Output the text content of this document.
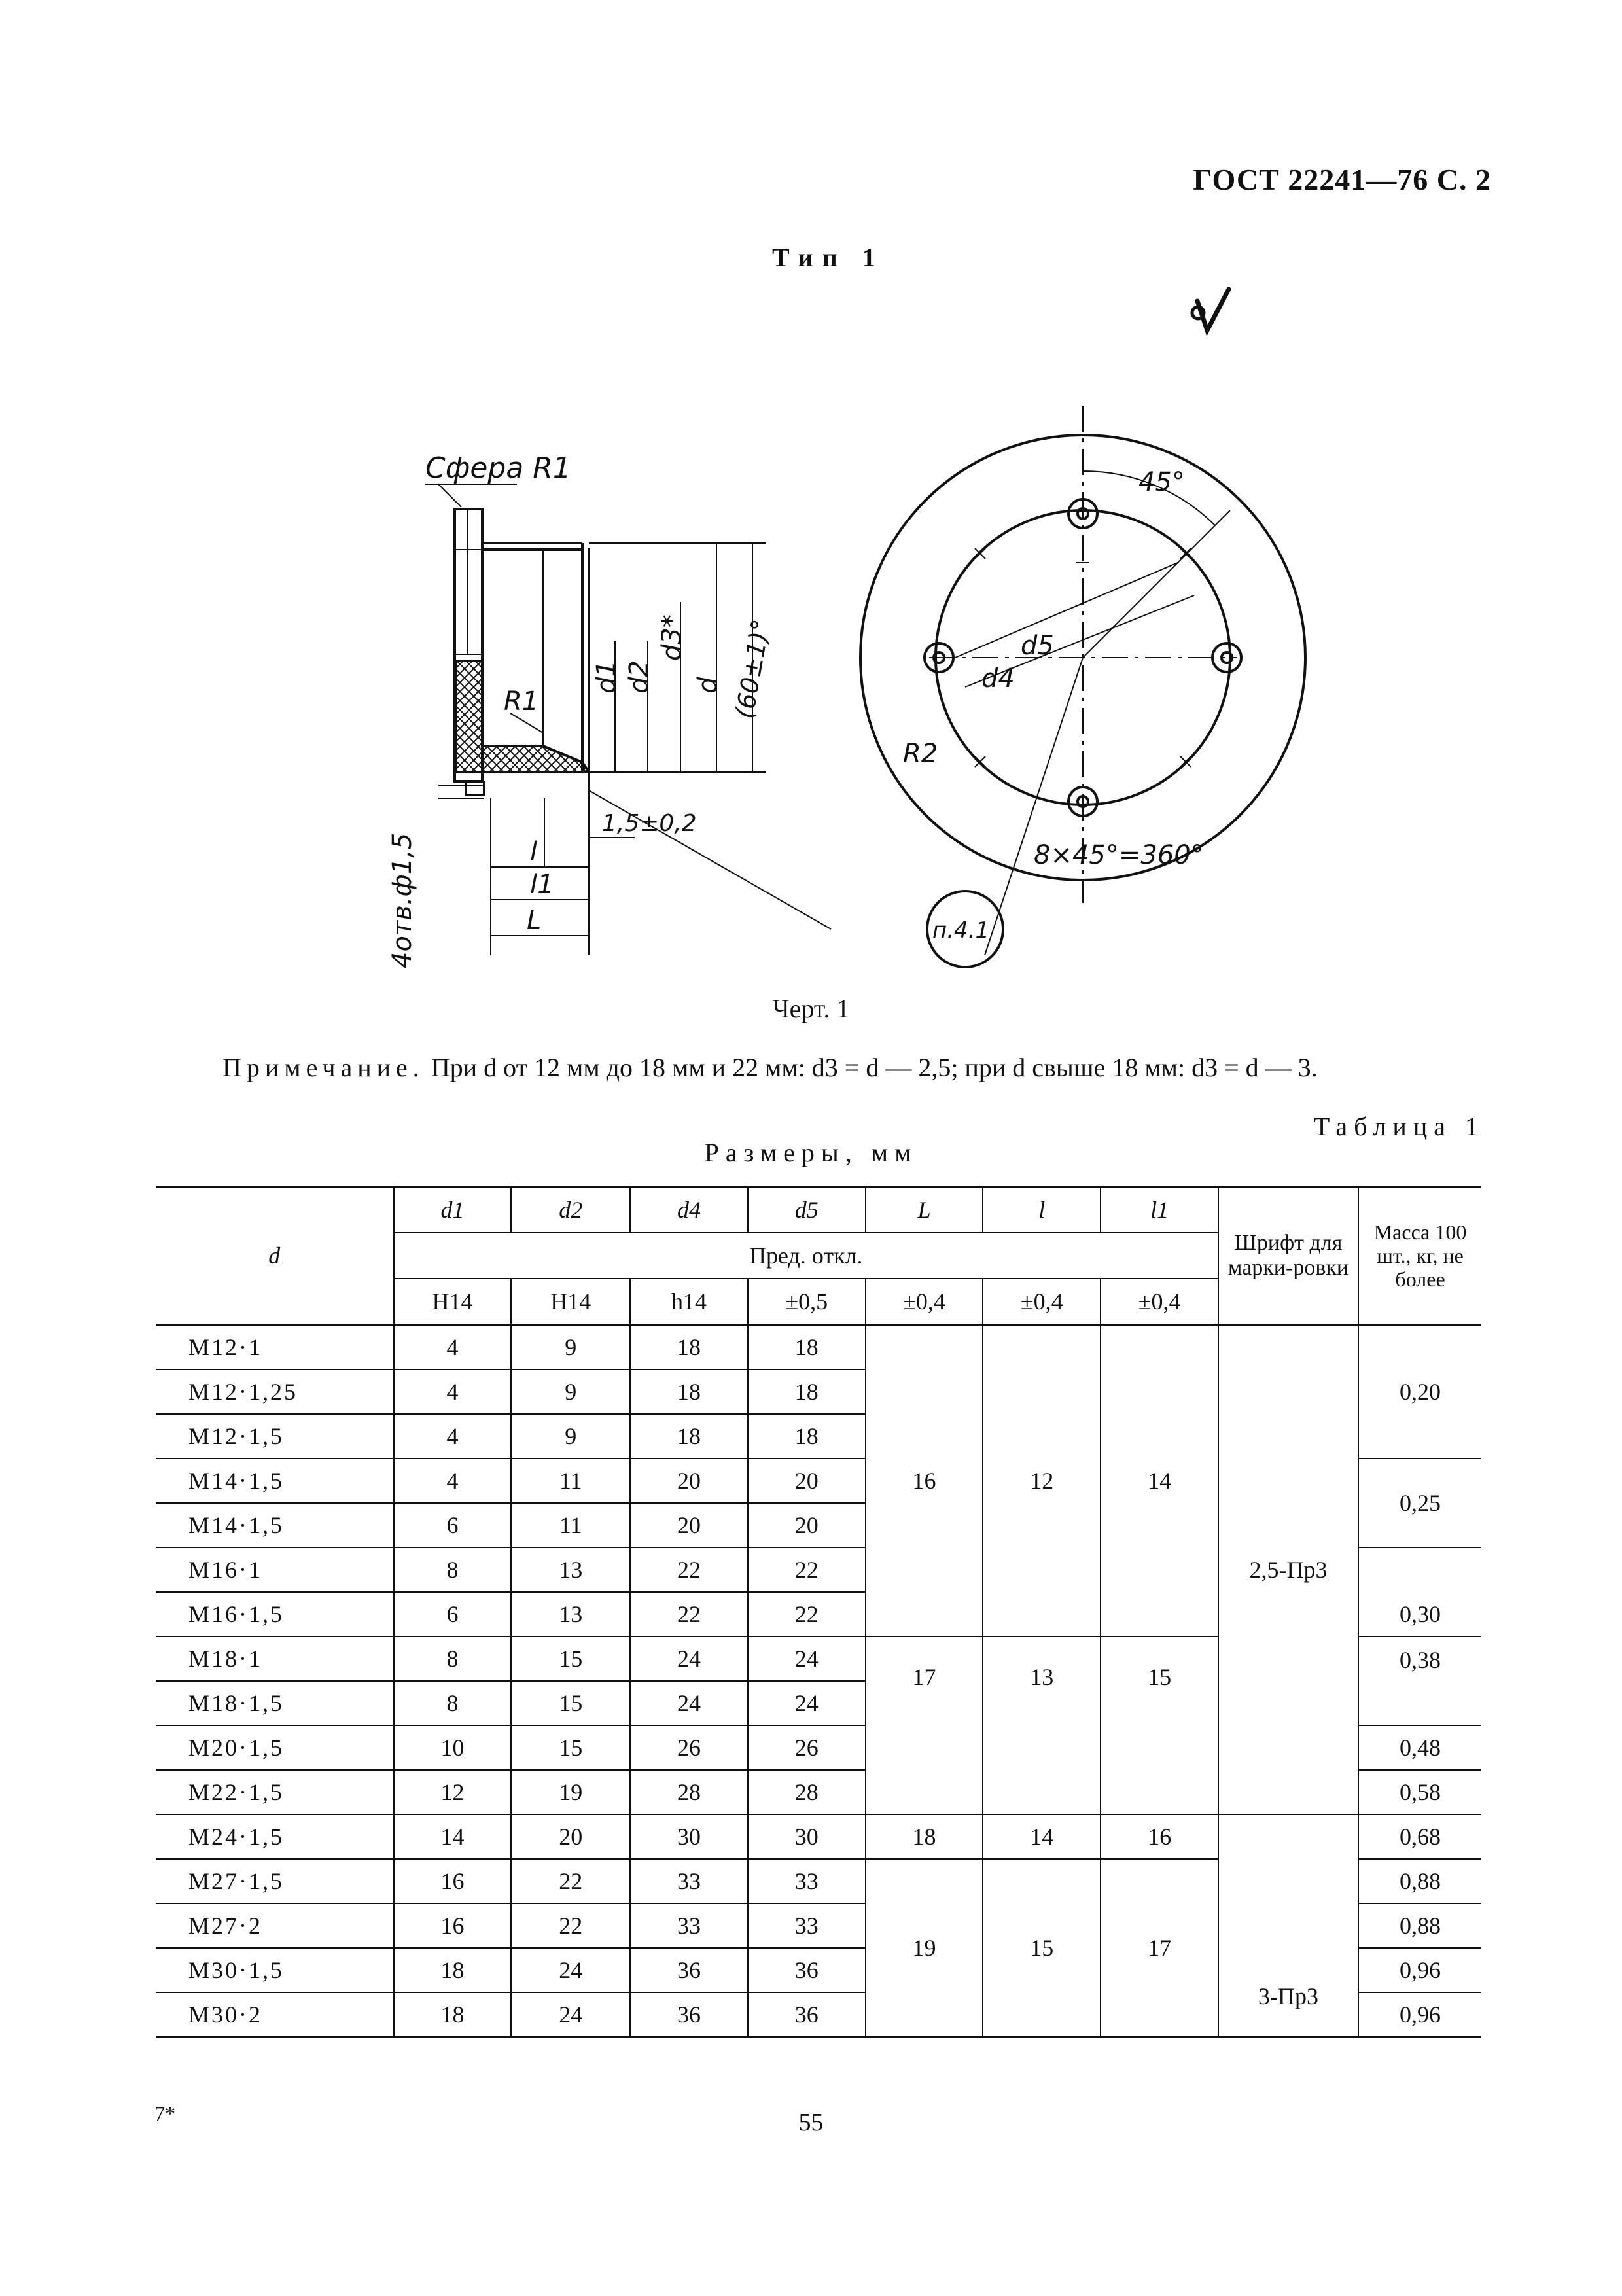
ГОСТ 22241—76 С. 2
Тип 1
Сфера R1
R1
d1 d2
d3*
d (60±1)°
1,5±0,2
4отв.ф1,5	l
l1
L
45°
d5
d4
R2
8×45°=360°
п.4.1
Черт. 1
Примечание. При d от 12 мм до 18 мм и 22 мм: d3 = d — 2,5; при d свыше 18 мм: d3 = d — 3.
Таблица 1
Размеры, мм
d	d1	d2	d4	d5	L	l	l1	Шрифт для марки-ровки	Масса 100 шт., кг, не более
	Пред. откл.								
	H14	H14	h14	±0,5	±0,4	±0,4	±0,4		
M12·1	4	9	18	18	16	12	14	2,5-Пр3	0,20
M12·1,25	4	9	18	18					
M12·1,5	4	9	18	18					
M14·1,5	4	11	20	20					0,25
M14·1,5	6	11	20	20					
M16·1	8	13	22	22					0,30
M16·1,5	6	13	22	22					
M18·1	8	15	24	24	17	13	15		0,38
M18·1,5	8	15	24	24					
M20·1,5	10	15	26	26					0,48
M22·1,5	12	19	28	28					0,58
M24·1,5	14	20	30	30	18	14	16	3-Пр3	0,68
M27·1,5	16	22	33	33	19	15	17		0,88
M27·2	16	22	33	33					0,88
M30·1,5	18	24	36	36					0,96
M30·2	18	24	36	36					0,96
7*	55
